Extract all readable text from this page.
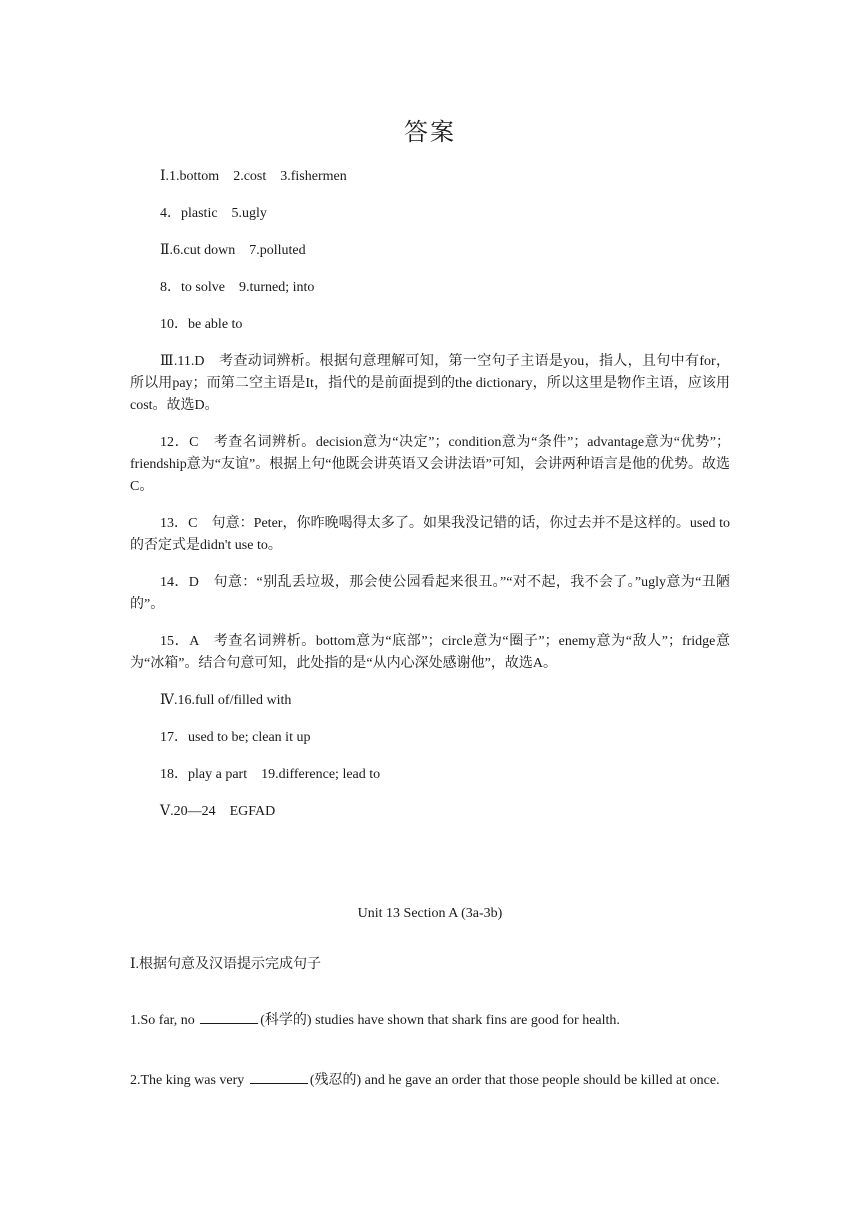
答案

Ⅰ.1.bottom　2.cost　3.fishermen

4．plastic　5.ugly

Ⅱ.6.cut down　7.polluted

8．to solve　9.turned; into

10．be able to

Ⅲ.11.D　考查动词辨析。根据句意理解可知，第一空句子主语是you，指人，且句中有for，所以用pay；而第二空主语是It，指代的是前面提到的the dictionary，所以这里是物作主语，应该用cost。故选D。

12．C　考查名词辨析。decision意为“决定”；condition意为“条件”；advantage意为“优势”；friendship意为“友谊”。根据上句“他既会讲英语又会讲法语”可知，会讲两种语言是他的优势。故选C。

13．C　句意：Peter，你昨晚喝得太多了。如果我没记错的话，你过去并不是这样的。used to的否定式是didn't use to。

14．D　句意：“别乱丢垃圾，那会使公园看起来很丑。”“对不起，我不会了。”ugly意为“丑陋的”。

15．A　考查名词辨析。bottom意为“底部”；circle意为“圈子”；enemy意为“敌人”；fridge意为“冰箱”。结合句意可知，此处指的是“从内心深处感谢他”，故选A。

Ⅳ.16.full of/filled with

17．used to be; clean it up

18．play a part　19.difference; lead to

Ⅴ.20—24　EGFAD

Unit 13 Section A (3a-3b)

Ⅰ.根据句意及汉语提示完成句子

1.So far, no	(科学的) studies have shown that shark fins are good for health.

2.The king was very	(残忍的) and he gave an order that those people should be killed at once.
